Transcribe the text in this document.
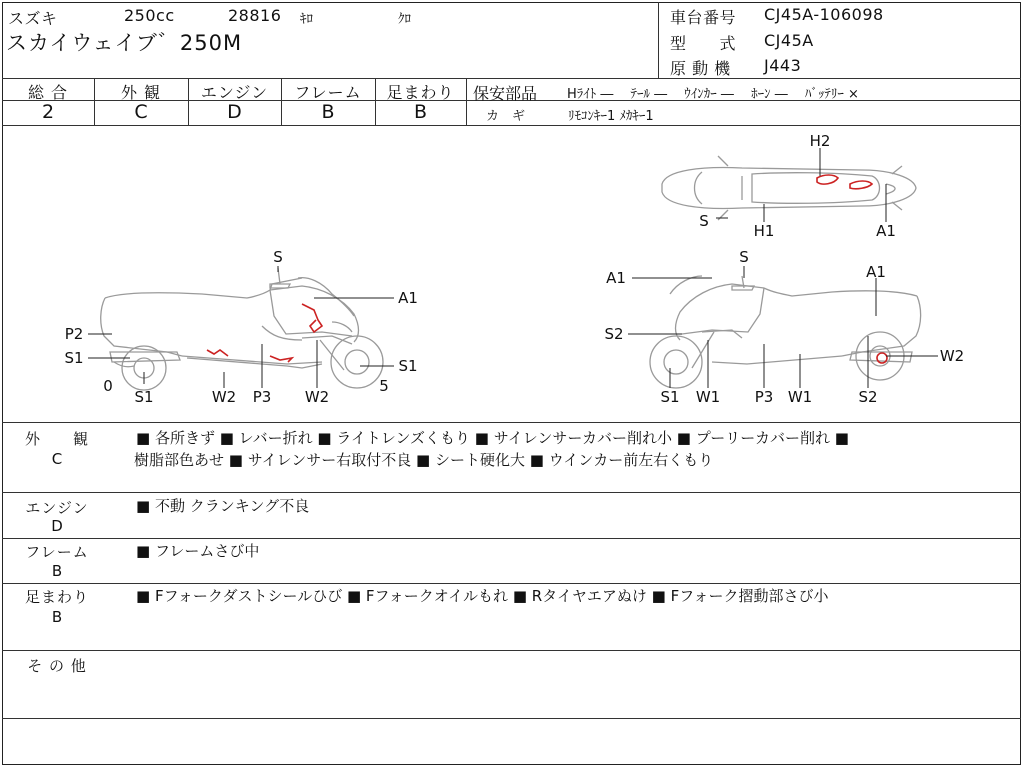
スズキ	250cc	28816 ｷﾛ	ｸﾛ
スカイウェイブ゛250M
車台番号 CJ45A-106098
型　　式 CJ45A
原 動 機 J443
総 合
2
外 観
C
エンジン
D
フレーム
B
足まわり
B
保安部品 Hﾗｲﾄ ―　 ﾃｰﾙ ―　 ｳｲﾝｶｰ ―　 ﾎｰﾝ ―　 ﾊﾞｯﾃﾘｰ ×
カ　ギ	ﾘﾓｺﾝｷｰ1 ﾒｶｷｰ1
H2
S
H1	A1
S
A1
P2
S1	S1
0	5
S1	W2 P3 W2
A1
S
A1
S2
W2
S1 W1 P3 W1	S2
外　　観
C
■ 各所きず ■ レバー折れ ■ ライトレンズくもり ■ サイレンサーカバー削れ小 ■ プーリーカバー削れ ■
樹脂部色あせ ■ サイレンサー右取付不良 ■ シート硬化大 ■ ウインカー前左右くもり
エンジン
D
■ 不動 クランキング不良
フレーム
B
■ フレームさび中
足まわり
B
■ Fフォークダストシールひび ■ Fフォークオイルもれ ■ Rタイヤエアぬけ ■ Fフォーク摺動部さび小
そ の 他
